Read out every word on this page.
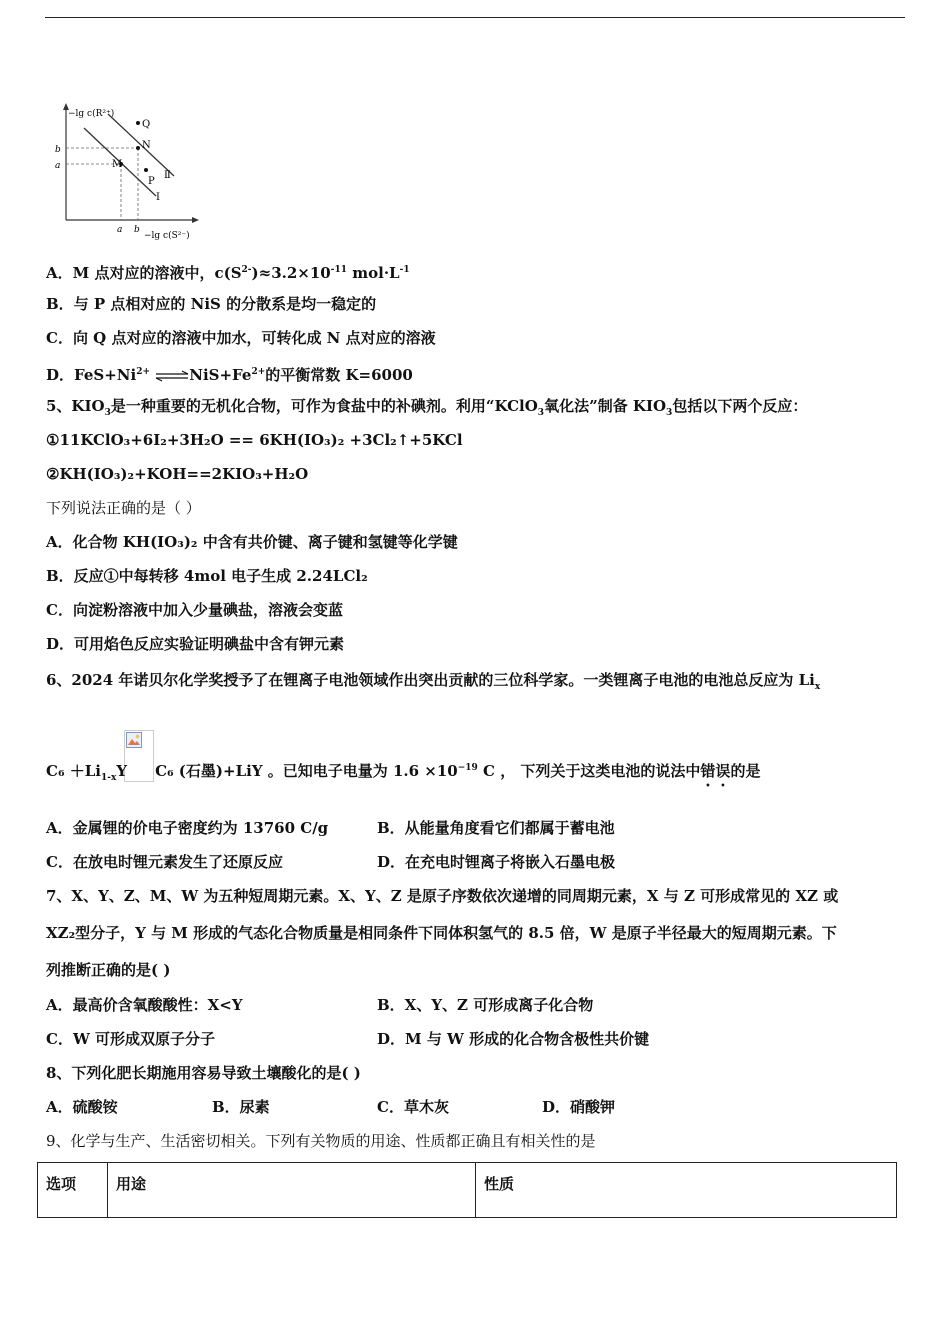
−lg c(R²⁺)
−lg c(S²⁻)
b
a
a b
Q
N
M
P
I
Ⅱ
A．M 点对应的溶液中，$c(S^{2-})\approx 3.2\times 10^{-11}$ $mol\cdot L^{-1}$
B．与 P 点相对应的 NiS 的分散系是均一稳定的
C．向 Q 点对应的溶液中加水，可转化成 N 点对应的溶液
D．$FeS+Ni^{2+}$ $\rightleftharpoons NiS+Fe^{2+}$的平衡常数 K=6000
5、$KIO_3$是一种重要的无机化合物，可作为食盐中的补碘剂。利用“KClO$_3$氧化法”制备 $KIO_3$包括以下两个反应：
①11KClO₃+6I₂+3H₂O == 6KH(IO₃)₂ +3Cl₂↑+5KCl
②KH(IO₃)₂+KOH==2KIO₃+H₂O
下列说法正确的是（ ）
A．化合物 KH(IO₃)₂ 中含有共价键、离子键和氢键等化学键
B．反应①中每转移 4mol 电子生成 2.24LCl₂
C．向淀粉溶液中加入少量碘盐，溶液会变蓝
D．可用焰色反应实验证明碘盐中含有钾元素
6、2024 年诺贝尔化学奖授予了在锂离子电池领域作出突出贡献的三位科学家。一类锂离子电池的电池总反应为 $Li_x$
$C_6 +Li_{1-x}Y$ C₆ (石墨)+LiY 。已知电子电量为 $1.6 \times 10^{-19}$ C ， 下列关于这类电池的说法中错误的是
A．金属锂的价电子密度约为 13760 C/g	B．从能量角度看它们都属于蓄电池
C．在放电时锂元素发生了还原反应	D．在充电时锂离子将嵌入石墨电极
7、X、Y、Z、M、W 为五种短周期元素。X、Y、Z 是原子序数依次递增的同周期元素，X 与 Z 可形成常见的 XZ 或
XZ₂型分子，Y 与 M 形成的气态化合物质量是相同条件下同体积氢气的 8.5 倍，W 是原子半径最大的短周期元素。下
列推断正确的是( )
A．最高价含氧酸酸性：X<Y	B．X、Y、Z 可形成离子化合物
C．W 可形成双原子分子	D．M 与 W 形成的化合物含极性共价键
8、下列化肥长期施用容易导致土壤酸化的是( )
A．硫酸铵	B．尿素	C．草木灰	D．硝酸钾
9、化学与生产、生活密切相关。下列有关物质的用途、性质都正确且有相关性的是
选项	用途	性质
